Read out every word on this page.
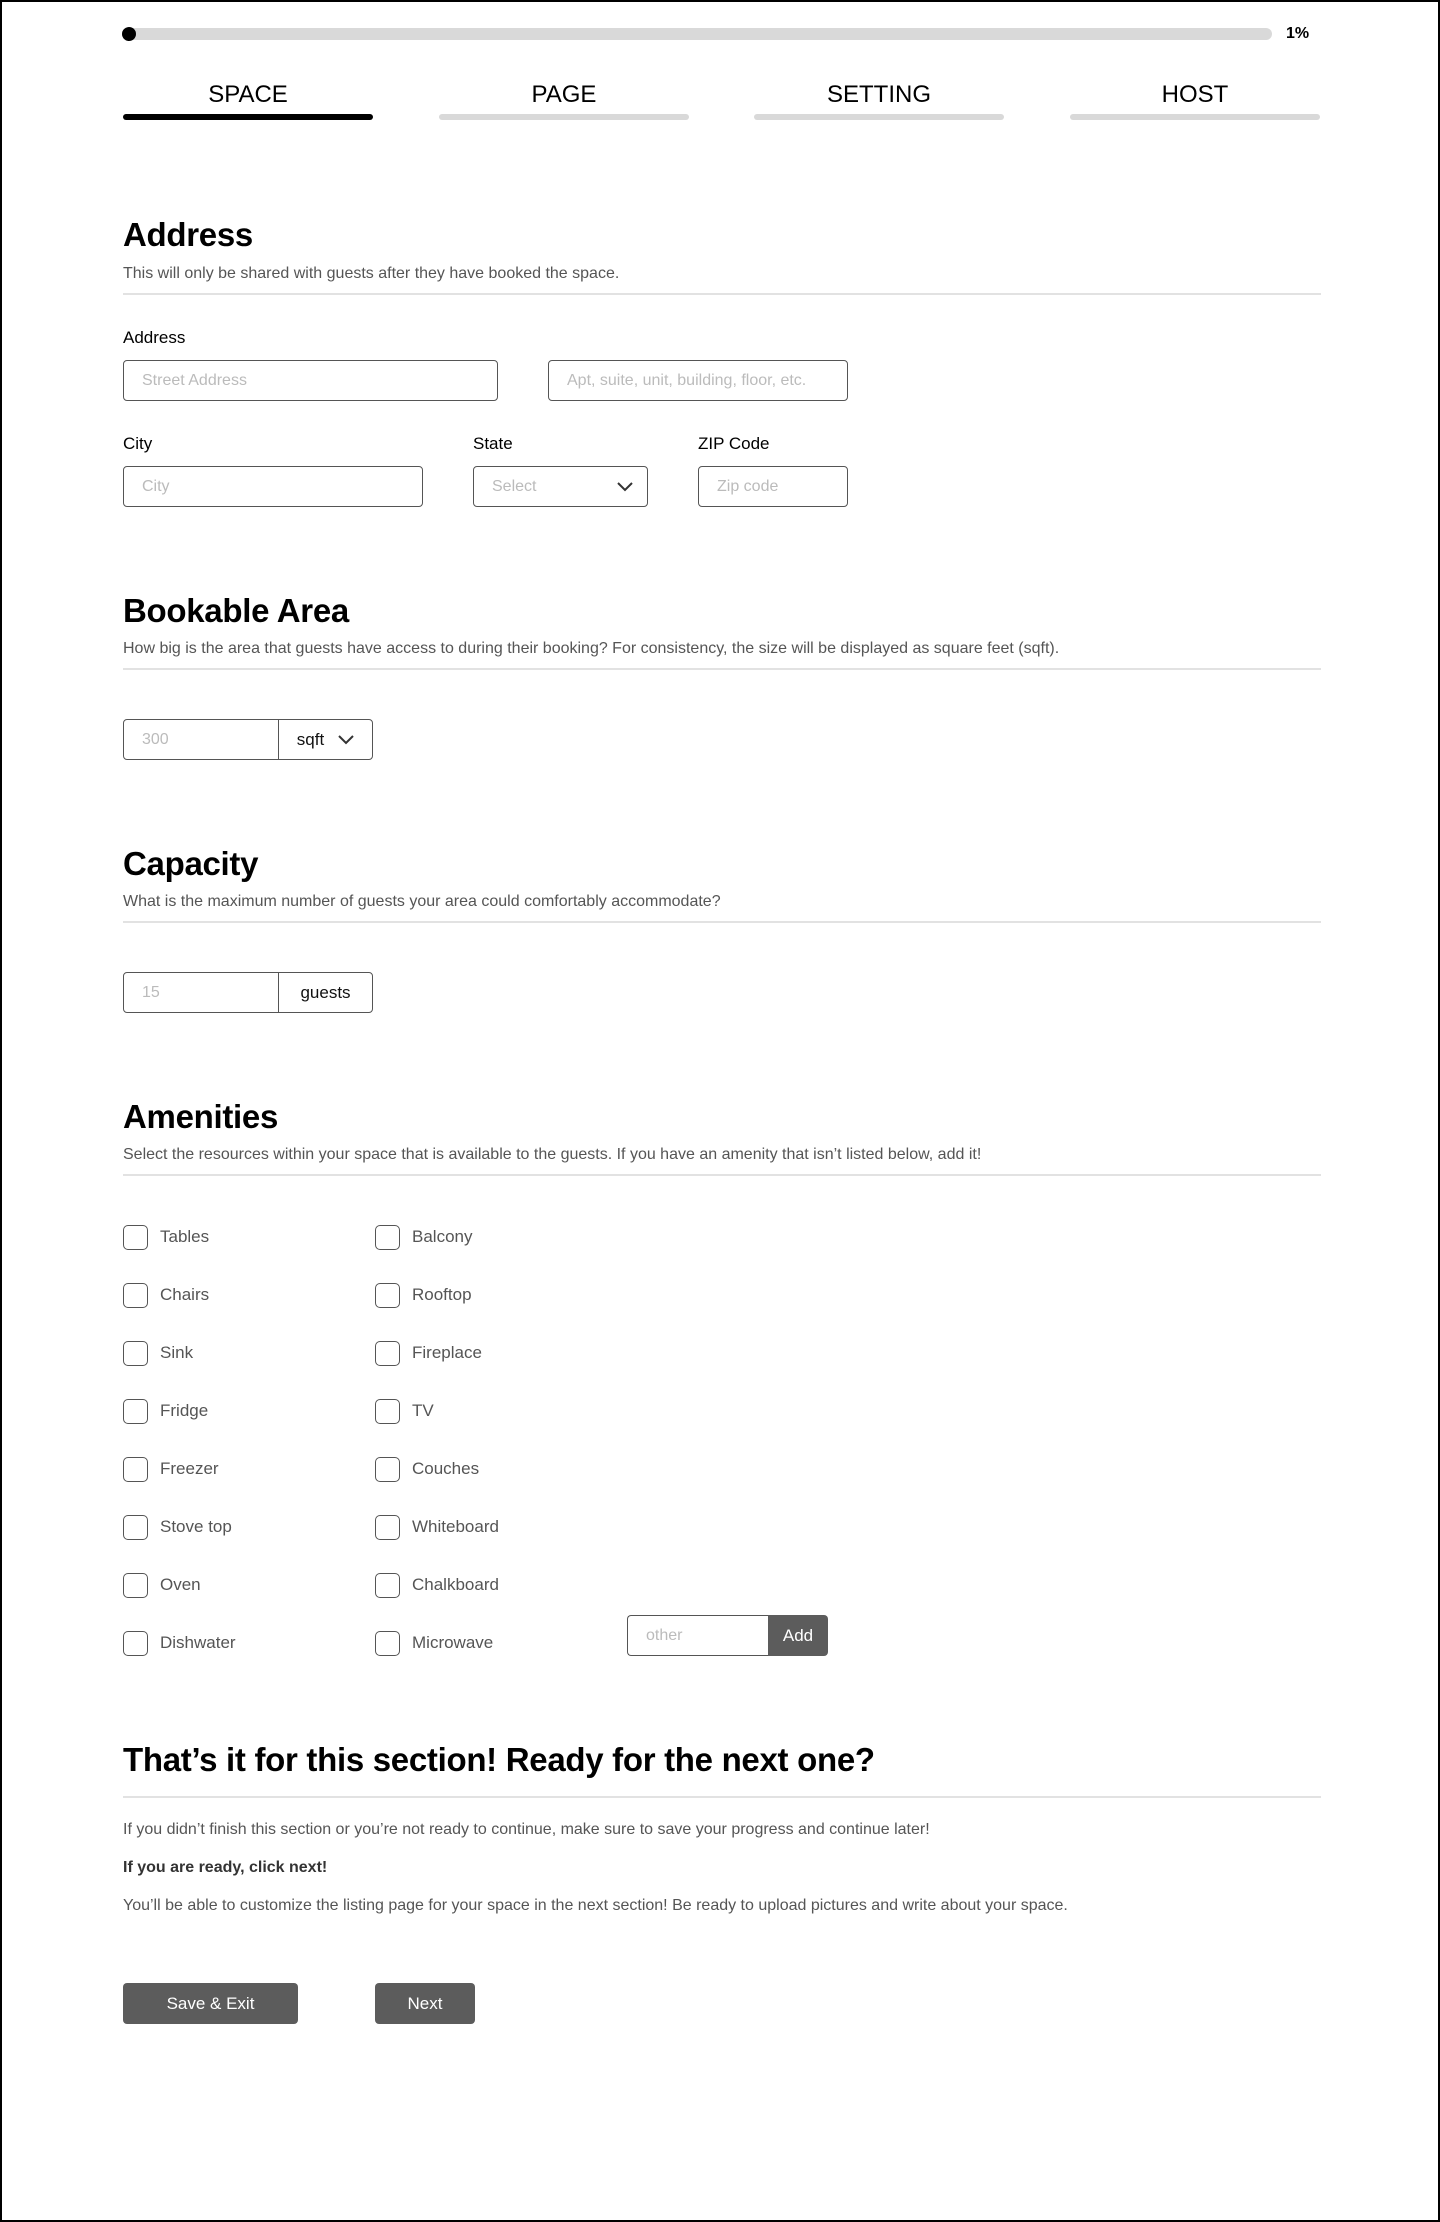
1%
SPACE	PAGE	SETTING	HOST
Address
This will only be shared with guests after they have booked the space.
Address
Street Address	Apt, suite, unit, building, floor, etc.
City
City
State
Select
ZIP Code
Zip code
Bookable Area
How big is the area that guests have access to during their booking? For consistency, the size will be displayed as square feet (sqft).
300	sqft
Capacity
What is the maximum number of guests your area could comfortably accommodate?
15	guests
Amenities
Select the resources within your space that is available to the guests. If you have an amenity that isn’t listed below, add it!
Tables
Chairs
Sink
Fridge
Freezer
Stove top
Oven
Dishwater
Balcony
Rooftop
Fireplace
TV
Couches
Whiteboard
Chalkboard
Microwave	other	Add
That’s it for this section! Ready for the next one?
If you didn’t finish this section or you’re not ready to continue, make sure to save your progress and continue later!
If you are ready, click next!
You’ll be able to customize the listing page for your space in the next section! Be ready to upload pictures and write about your space.
Save & Exit	Next
